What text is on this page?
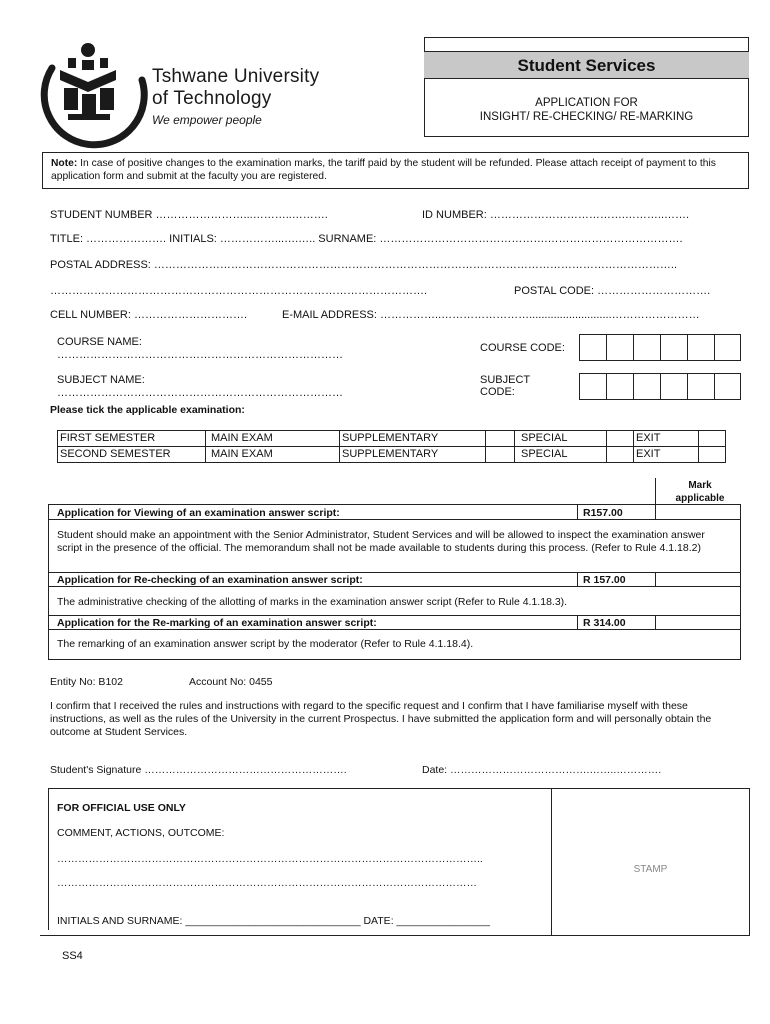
Tshwane University
of Technology
We empower people
Student Services
APPLICATION FOR
INSIGHT/ RE-CHECKING/ RE-MARKING
Note: In case of positive changes to the examination marks, the tariff paid by the student will be refunded. Please attach receipt of payment to this application form and submit at the faculty you are registered.
STUDENT NUMBER ……………………...………..……….	ID NUMBER: ……………………………….………..…….
TITLE: …………………. INITIALS: ……………...….….. SURNAME: ……………………………………….……………………………….
POSTAL ADDRESS: ……………………………………………………………………………………………………………………………..
………………………………………………………………………………………….	POSTAL CODE: ………………………….
CELL NUMBER: ………………………….	E-MAIL ADDRESS: ……………..……………………...........................……………………
COURSE NAME:
……………………………………………………………………
COURSE CODE:
SUBJECT NAME:
……………………………………………………………………
SUBJECT
CODE:
Please tick the applicable examination:
FIRST SEMESTER	MAIN EXAM	SUPPLEMENTARY		SPECIAL		EXIT	
SECOND SEMESTER	MAIN EXAM	SUPPLEMENTARY		SPECIAL		EXIT	
Mark
applicable
Application for Viewing of an examination answer script:	R157.00
Student should make an appointment with the Senior Administrator, Student Services and will be allowed to inspect the examination answer script in the presence of the official. The memorandum shall not be made available to students during this process. (Refer to Rule 4.1.18.2)
Application for Re-checking of an examination answer script:	R 157.00
The administrative checking of the allotting of marks in the examination answer script (Refer to Rule 4.1.18.3).
Application for the Re-marking of an examination answer script:	R 314.00
The remarking of an examination answer script by the moderator (Refer to Rule 4.1.18.4).
Entity No: B102	Account No: 0455
I confirm that I received the rules and instructions with regard to the specific request and I confirm that I have familiarise myself with these instructions, as well as the rules of the University in the current Prospectus. I have submitted the application form and will personally obtain the outcome at Student Services.
Student's Signature ………………………………………………….	Date: ………………………………….……..………….
FOR OFFICIAL USE ONLY
COMMENT, ACTIONS, OUTCOME:
…………………………………………………………………………………………………………..
…………………………………………………………………………………………………………
INITIALS AND SURNAME: ______________________________ DATE: ________________
STAMP
SS4
